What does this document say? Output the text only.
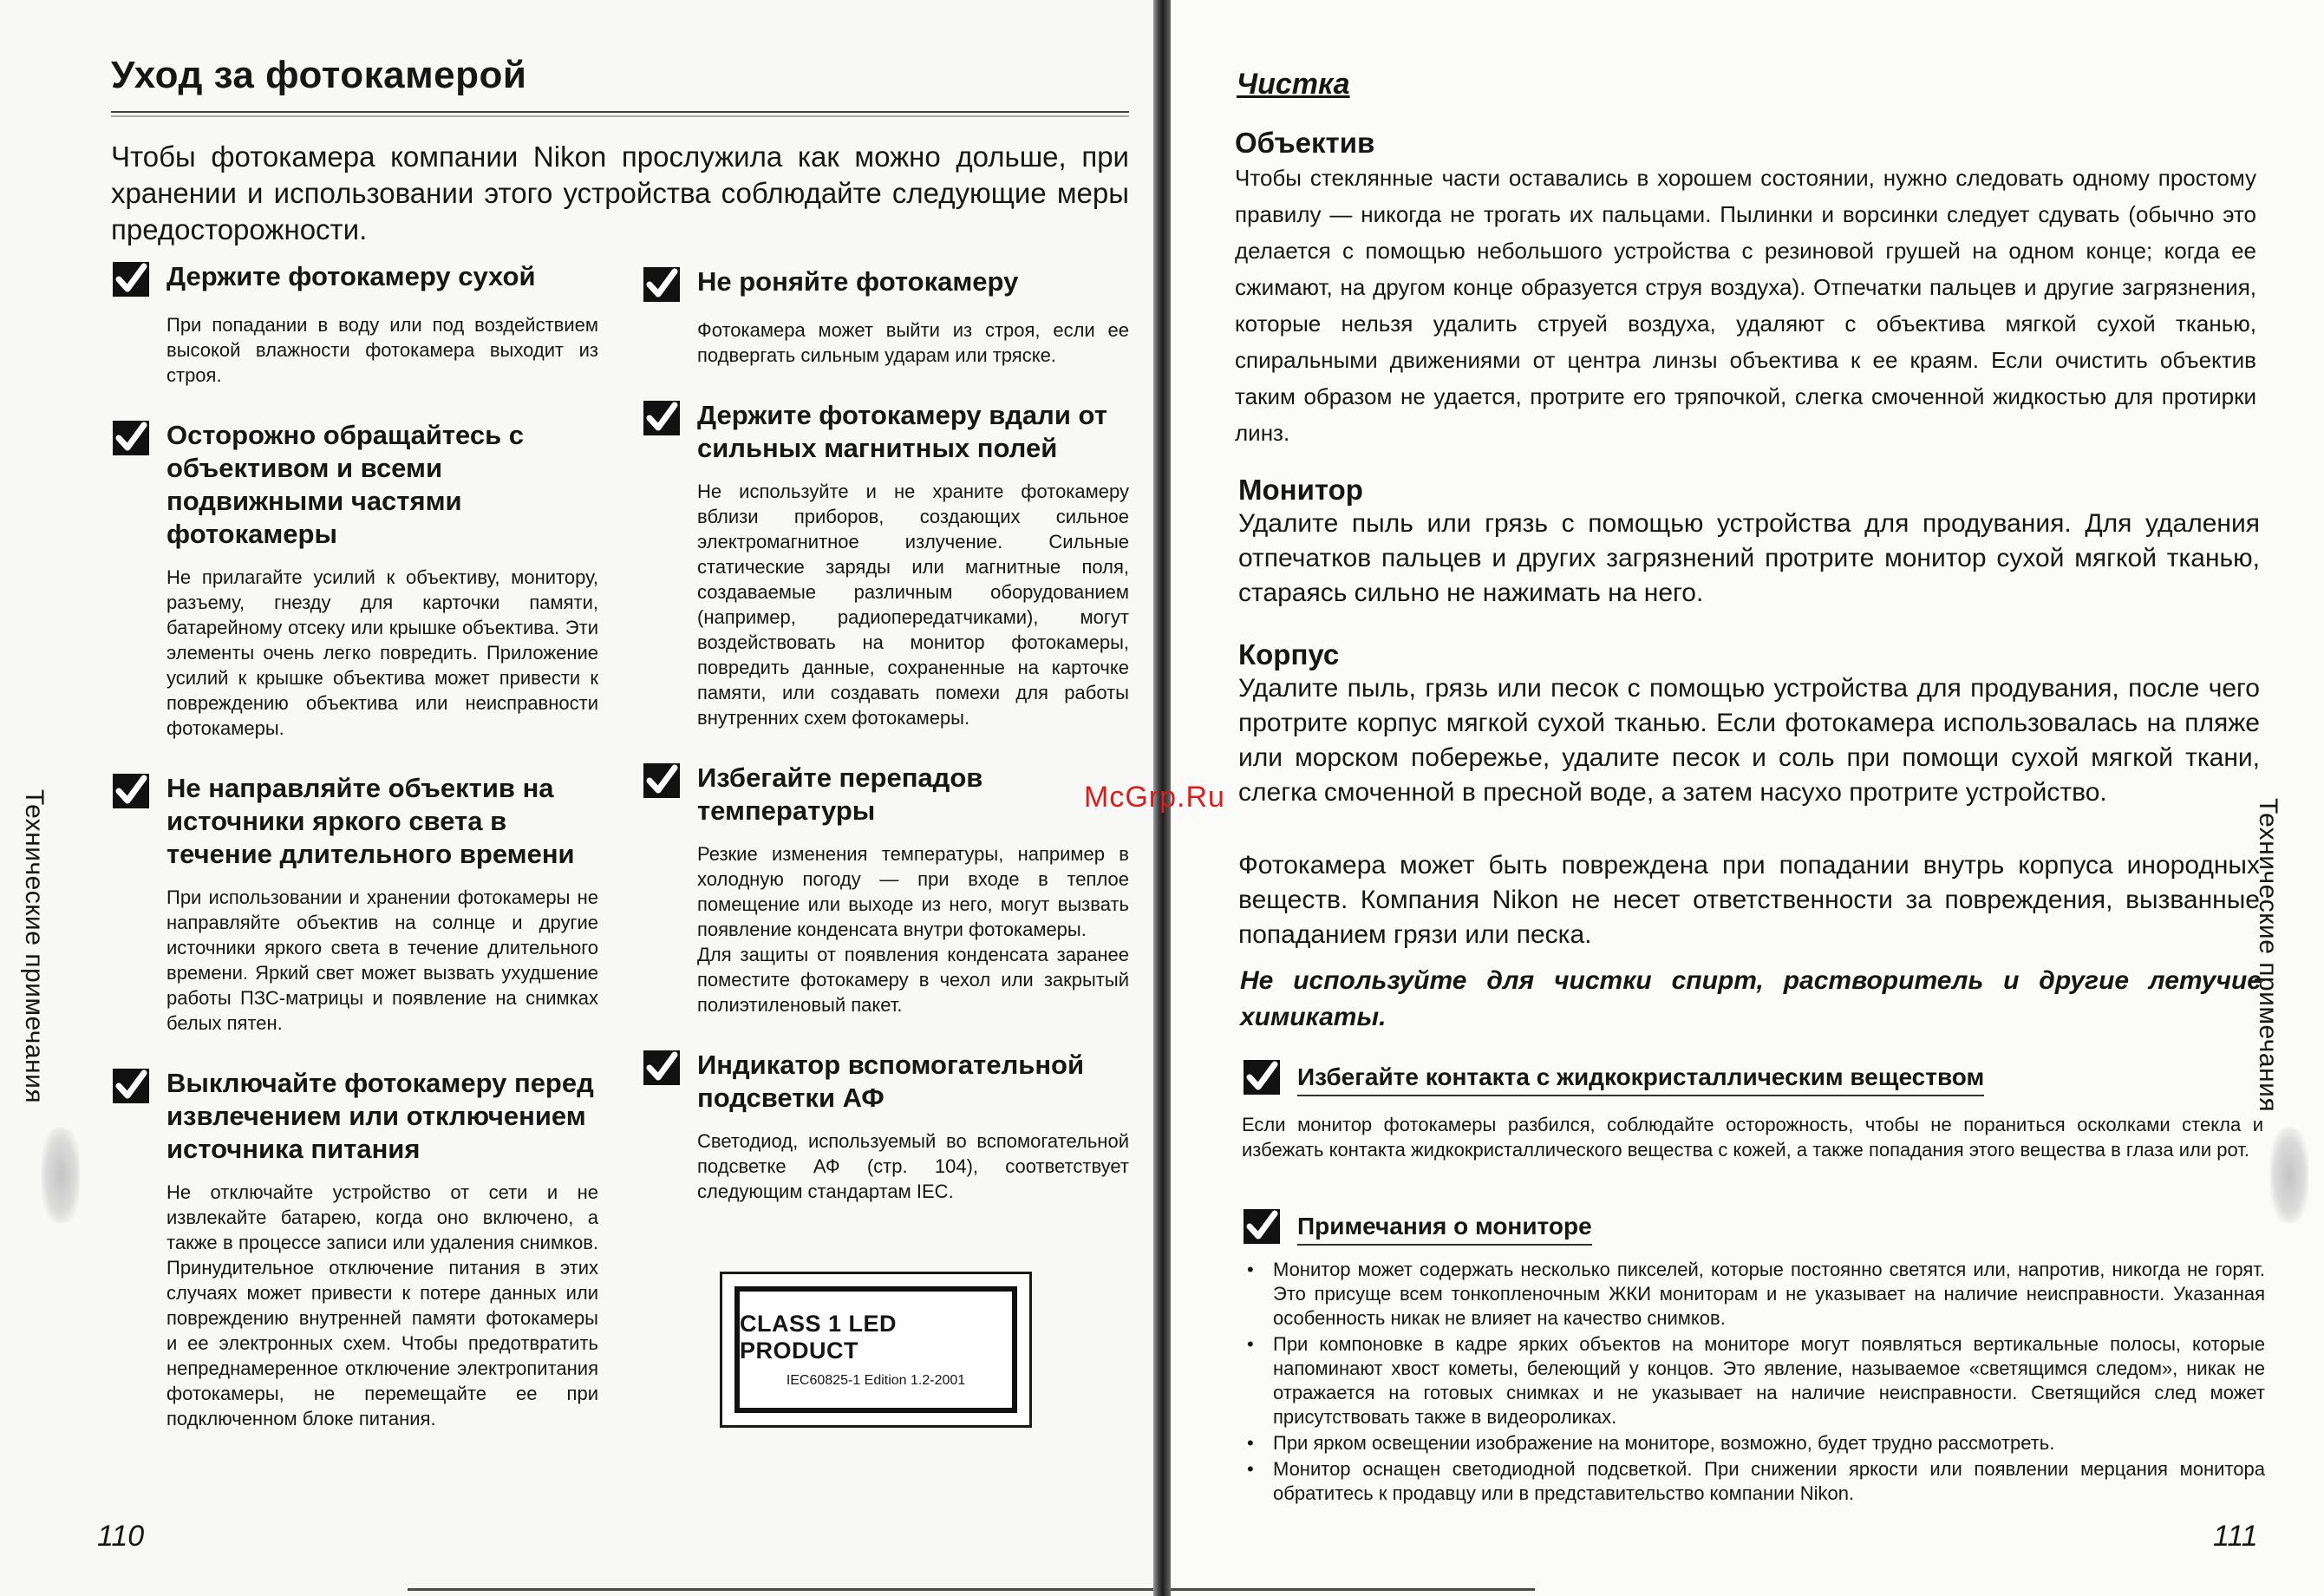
Уход за фотокамерой
Чтобы фотокамера компании Nikon прослужила как можно дольше, при хранении и использовании этого устройства соблюдайте следующие меры предосторожности.
Держите фотокамеру сухой
При попадании в воду или под воздействием высокой влажности фотокамера выходит из строя.
Осторожно обращайтесь с объективом и всеми подвижными частями фотокамеры
Не прилагайте усилий к объективу, монитору, разъему, гнезду для карточки памяти, батарейному отсеку или крышке объектива. Эти элементы очень легко повредить. Приложение усилий к крышке объектива может привести к повреждению объектива или неисправности фотокамеры.
Не направляйте объектив на источники яркого света в течение длительного времени
При использовании и хранении фотокамеры не направляйте объектив на солнце и другие источники яркого света в течение длительного времени. Яркий свет может вызвать ухудшение работы ПЗС-матрицы и появление на снимках белых пятен.
Выключайте фотокамеру перед извлечением или отключением источника питания
Не отключайте устройство от сети и не извлекайте батарею, когда оно включено, а также в процессе записи или удаления снимков. Принудительное отключение питания в этих случаях может привести к потере данных или повреждению внутренней памяти фотокамеры и ее электронных схем. Чтобы предотвратить непреднамеренное отключение электропитания фотокамеры, не перемещайте ее при подключенном блоке питания.
Не роняйте фотокамеру
Фотокамера может выйти из строя, если ее подвергать сильным ударам или тряске.
Держите фотокамеру вдали от сильных магнитных полей
Не используйте и не храните фотокамеру вблизи приборов, создающих сильное электромагнитное излучение. Сильные статические заряды или магнитные поля, создаваемые различным оборудованием (например, радиопередатчиками), могут воздействовать на монитор фотокамеры, повредить данные, сохраненные на карточке памяти, или создавать помехи для работы внутренних схем фотокамеры.
Избегайте перепадов температуры
Резкие изменения температуры, например в холодную погоду — при входе в теплое помещение или выходе из него, могут вызвать появление конденсата внутри фотокамеры.
Для защиты от появления конденсата заранее поместите фотокамеру в чехол или закрытый полиэтиленовый пакет.
Индикатор вспомогательной подсветки АФ
Светодиод, используемый во вспомогательной подсветке АФ (стр. 104), соответствует следующим стандартам IEC.
CLASS 1 LED PRODUCT
IEC60825-1 Edition 1.2-2001
Технические примечания
110
McGrp.Ru
Чистка
Объектив
Чтобы стеклянные части оставались в хорошем состоянии, нужно следовать одному простому правилу — никогда не трогать их пальцами. Пылинки и ворсинки следует сдувать (обычно это делается с помощью небольшого устройства с резиновой грушей на одном конце; когда ее сжимают, на другом конце образуется струя воздуха). Отпечатки пальцев и другие загрязнения, которые нельзя удалить струей воздуха, удаляют с объектива мягкой сухой тканью, спиральными движениями от центра линзы объектива к ее краям. Если очистить объектив таким образом не удается, протрите его тряпочкой, слегка смоченной жидкостью для протирки линз.
Монитор
Удалите пыль или грязь с помощью устройства для продувания. Для удаления отпечатков пальцев и других загрязнений протрите монитор сухой мягкой тканью, стараясь сильно не нажимать на него.
Корпус
Удалите пыль, грязь или песок с помощью устройства для продувания, после чего протрите корпус мягкой сухой тканью. Если фотокамера использовалась на пляже или морском побережье, удалите песок и соль при помощи сухой мягкой ткани, слегка смоченной в пресной воде, а затем насухо протрите устройство.
Фотокамера может быть повреждена при попадании внутрь корпуса инородных веществ. Компания Nikon не несет ответственности за повреждения, вызванные попаданием грязи или песка.
Не используйте для чистки спирт, растворитель и другие летучие химикаты.
Избегайте контакта с жидкокристаллическим веществом
Если монитор фотокамеры разбился, соблюдайте осторожность, чтобы не пораниться осколками стекла и избежать контакта жидкокристаллического вещества с кожей, а также попадания этого вещества в глаза или рот.
Примечания о мониторе
• Монитор может содержать несколько пикселей, которые постоянно светятся или, напротив, никогда не горят. Это присуще всем тонкопленочным ЖКИ мониторам и не указывает на наличие неисправности. Указанная особенность никак не влияет на качество снимков.
• При компоновке в кадре ярких объектов на мониторе могут появляться вертикальные полосы, которые напоминают хвост кометы, белеющий у концов. Это явление, называемое «светящимся следом», никак не отражается на готовых снимках и не указывает на наличие неисправности. Светящийся след может присутствовать также в видеороликах.
• При ярком освещении изображение на мониторе, возможно, будет трудно рассмотреть.
• Монитор оснащен светодиодной подсветкой. При снижении яркости или появлении мерцания монитора обратитесь к продавцу или в представительство компании Nikon.
Технические примечания
111
